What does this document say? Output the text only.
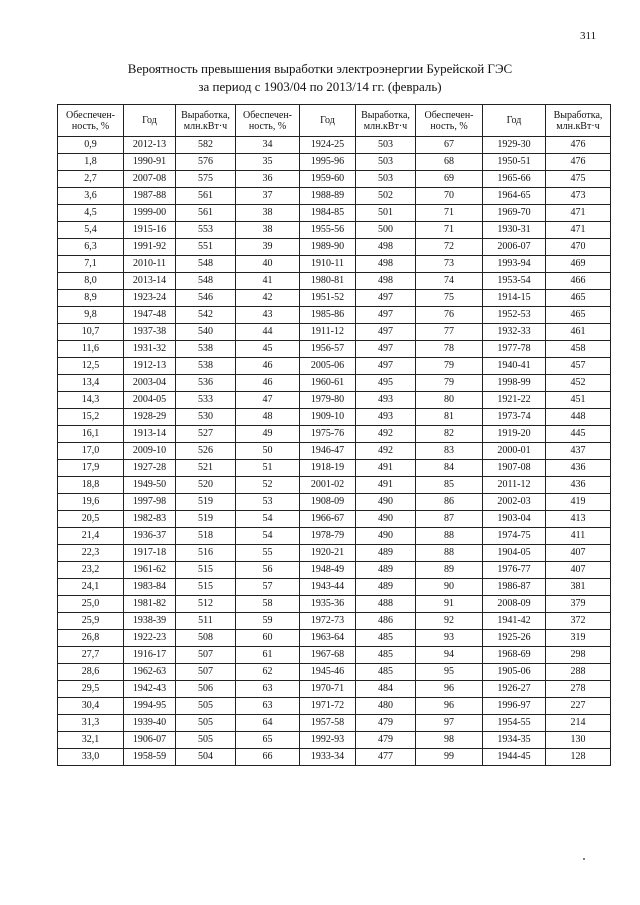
311
Вероятность превышения выработки электроэнергии Бурейской ГЭС
за период с 1903/04 по 2013/14 гг. (февраль)
Обеспечен-ность, %	Год	Выработка, млн.кВт·ч	Обеспечен-ность, %	Год	Выработка, млн.кВт·ч	Обеспечен-ность, %	Год	Выработка, млн.кВт·ч
0,9	2012-13	582	34	1924-25	503	67	1929-30	476
1,8	1990-91	576	35	1995-96	503	68	1950-51	476
2,7	2007-08	575	36	1959-60	503	69	1965-66	475
3,6	1987-88	561	37	1988-89	502	70	1964-65	473
4,5	1999-00	561	38	1984-85	501	71	1969-70	471
5,4	1915-16	553	38	1955-56	500	71	1930-31	471
6,3	1991-92	551	39	1989-90	498	72	2006-07	470
7,1	2010-11	548	40	1910-11	498	73	1993-94	469
8,0	2013-14	548	41	1980-81	498	74	1953-54	466
8,9	1923-24	546	42	1951-52	497	75	1914-15	465
9,8	1947-48	542	43	1985-86	497	76	1952-53	465
10,7	1937-38	540	44	1911-12	497	77	1932-33	461
11,6	1931-32	538	45	1956-57	497	78	1977-78	458
12,5	1912-13	538	46	2005-06	497	79	1940-41	457
13,4	2003-04	536	46	1960-61	495	79	1998-99	452
14,3	2004-05	533	47	1979-80	493	80	1921-22	451
15,2	1928-29	530	48	1909-10	493	81	1973-74	448
16,1	1913-14	527	49	1975-76	492	82	1919-20	445
17,0	2009-10	526	50	1946-47	492	83	2000-01	437
17,9	1927-28	521	51	1918-19	491	84	1907-08	436
18,8	1949-50	520	52	2001-02	491	85	2011-12	436
19,6	1997-98	519	53	1908-09	490	86	2002-03	419
20,5	1982-83	519	54	1966-67	490	87	1903-04	413
21,4	1936-37	518	54	1978-79	490	88	1974-75	411
22,3	1917-18	516	55	1920-21	489	88	1904-05	407
23,2	1961-62	515	56	1948-49	489	89	1976-77	407
24,1	1983-84	515	57	1943-44	489	90	1986-87	381
25,0	1981-82	512	58	1935-36	488	91	2008-09	379
25,9	1938-39	511	59	1972-73	486	92	1941-42	372
26,8	1922-23	508	60	1963-64	485	93	1925-26	319
27,7	1916-17	507	61	1967-68	485	94	1968-69	298
28,6	1962-63	507	62	1945-46	485	95	1905-06	288
29,5	1942-43	506	63	1970-71	484	96	1926-27	278
30,4	1994-95	505	63	1971-72	480	96	1996-97	227
31,3	1939-40	505	64	1957-58	479	97	1954-55	214
32,1	1906-07	505	65	1992-93	479	98	1934-35	130
33,0	1958-59	504	66	1933-34	477	99	1944-45	128
